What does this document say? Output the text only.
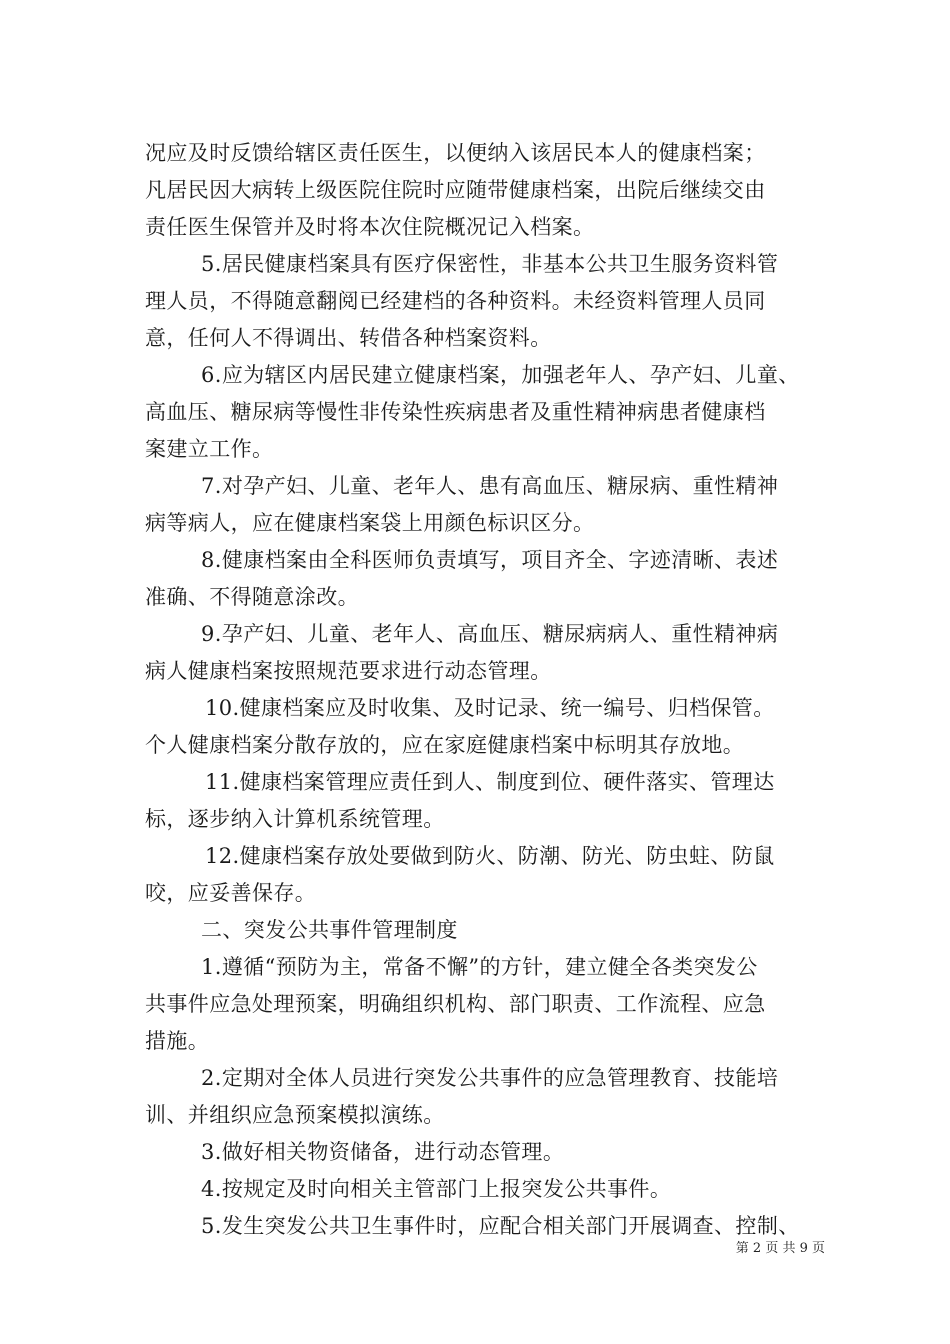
况应及时反馈给辖区责任医生，以便纳入该居民本人的健康档案；
凡居民因大病转上级医院住院时应随带健康档案，出院后继续交由
责任医生保管并及时将本次住院概况记入档案。
5.居民健康档案具有医疗保密性，非基本公共卫生服务资料管
理人员，不得随意翻阅已经建档的各种资料。未经资料管理人员同
意，任何人不得调出、转借各种档案资料。
6.应为辖区内居民建立健康档案，加强老年人、孕产妇、儿童、
高血压、糖尿病等慢性非传染性疾病患者及重性精神病患者健康档
案建立工作。
7.对孕产妇、儿童、老年人、患有高血压、糖尿病、重性精神
病等病人，应在健康档案袋上用颜色标识区分。
8.健康档案由全科医师负责填写，项目齐全、字迹清晰、表述
准确、不得随意涂改。
9.孕产妇、儿童、老年人、高血压、糖尿病病人、重性精神病
病人健康档案按照规范要求进行动态管理。
10.健康档案应及时收集、及时记录、统一编号、归档保管。
个人健康档案分散存放的，应在家庭健康档案中标明其存放地。
11.健康档案管理应责任到人、制度到位、硬件落实、管理达
标，逐步纳入计算机系统管理。
12.健康档案存放处要做到防火、防潮、防光、防虫蛀、防鼠
咬，应妥善保存。
二、突发公共事件管理制度
1.遵循“预防为主，常备不懈”的方针，建立健全各类突发公
共事件应急处理预案，明确组织机构、部门职责、工作流程、应急
措施。
2.定期对全体人员进行突发公共事件的应急管理教育、技能培
训、并组织应急预案模拟演练。
3.做好相关物资储备，进行动态管理。
4.按规定及时向相关主管部门上报突发公共事件。
5.发生突发公共卫生事件时，应配合相关部门开展调查、控制、
第 2 页 共 9 页
